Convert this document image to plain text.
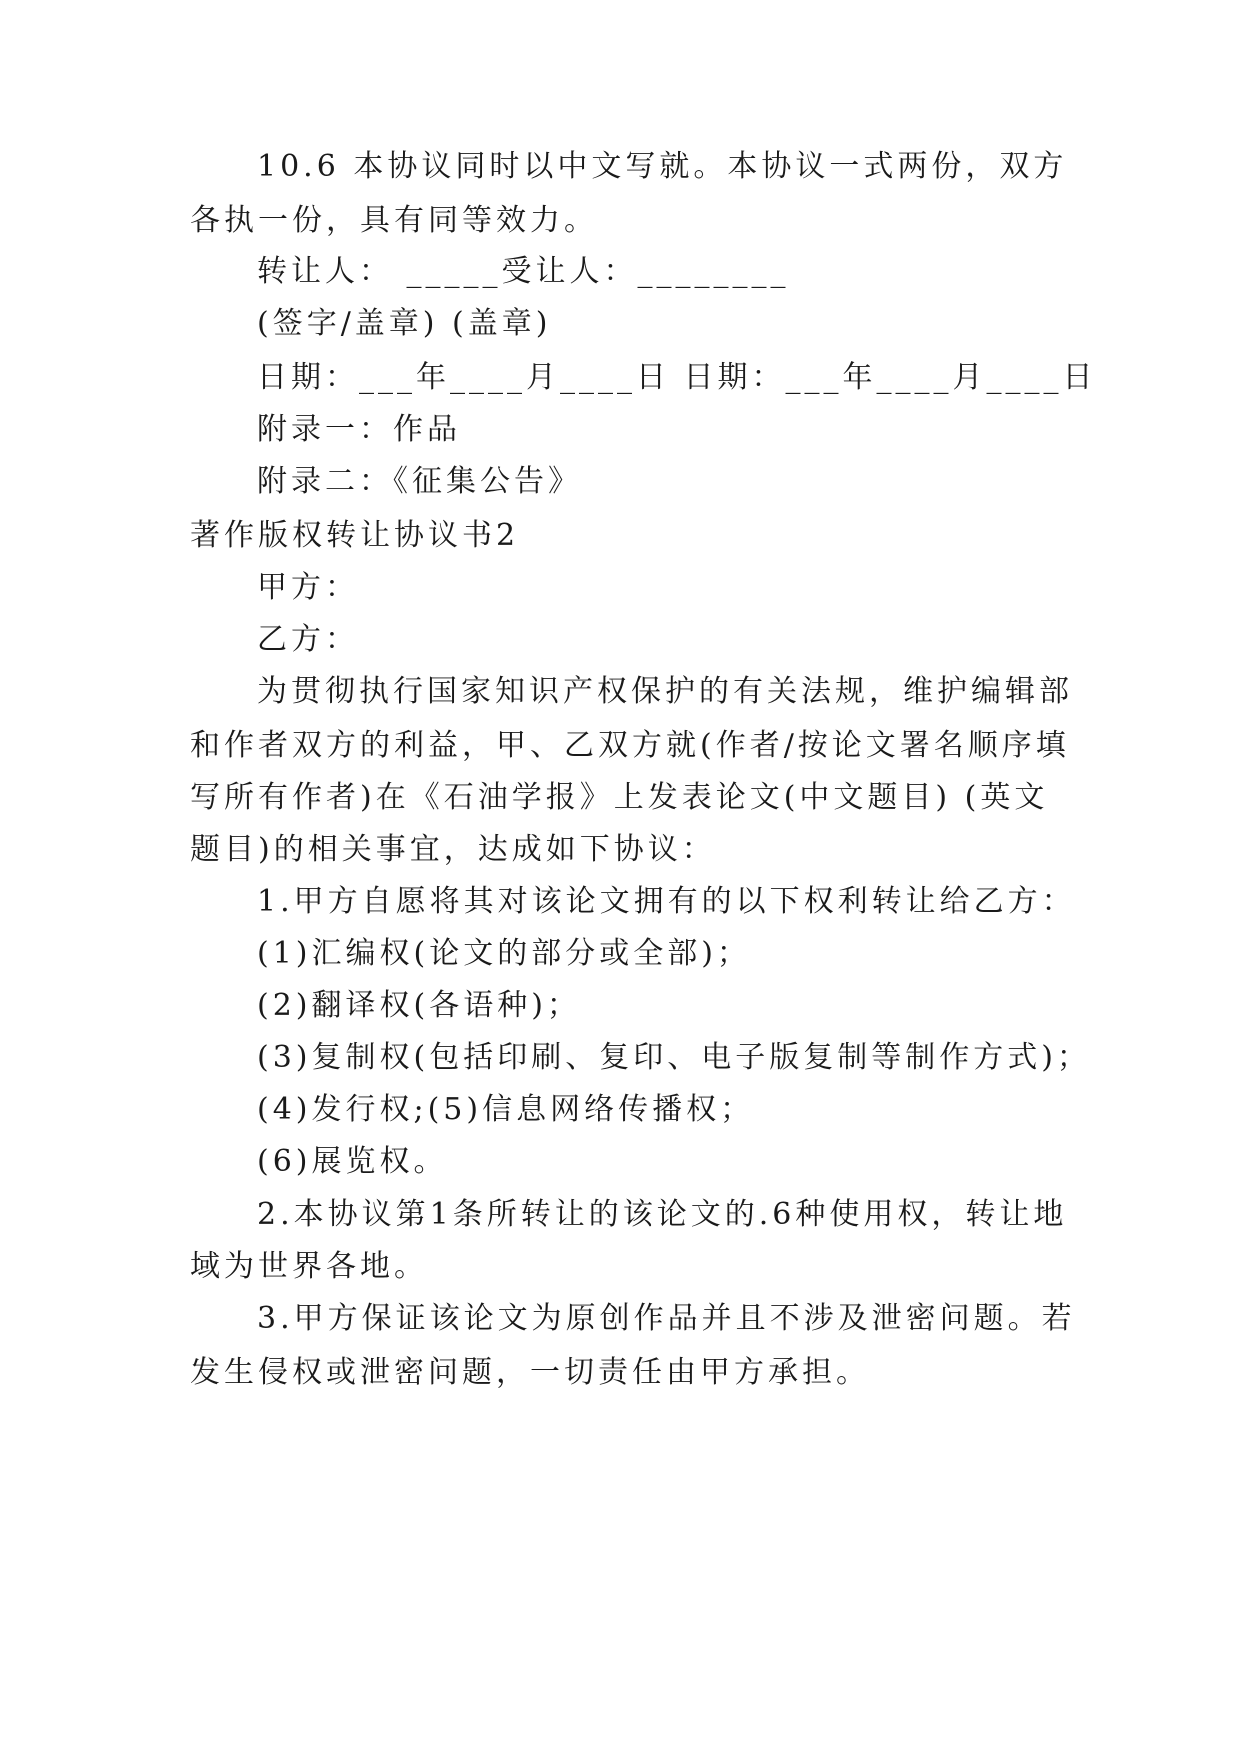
10.6 本协议同时以中文写就。本协议一式两份，双方
各执一份，具有同等效力。
转让人： _____受让人：________
(签字/盖章) (盖章)
日期：___年____月____日 日期：___年____月____日
附录一：作品
附录二：《征集公告》
著作版权转让协议书2
甲方：
乙方：
为贯彻执行国家知识产权保护的有关法规，维护编辑部
和作者双方的利益，甲、乙双方就(作者/按论文署名顺序填
写所有作者)在《石油学报》上发表论文(中文题目) (英文
题目)的相关事宜，达成如下协议：
1.甲方自愿将其对该论文拥有的以下权利转让给乙方：
(1)汇编权(论文的部分或全部)；
(2)翻译权(各语种)；
(3)复制权(包括印刷、复印、电子版复制等制作方式)；
(4)发行权;(5)信息网络传播权；
(6)展览权。
2.本协议第1条所转让的该论文的.6种使用权，转让地
域为世界各地。
3.甲方保证该论文为原创作品并且不涉及泄密问题。若
发生侵权或泄密问题，一切责任由甲方承担。
